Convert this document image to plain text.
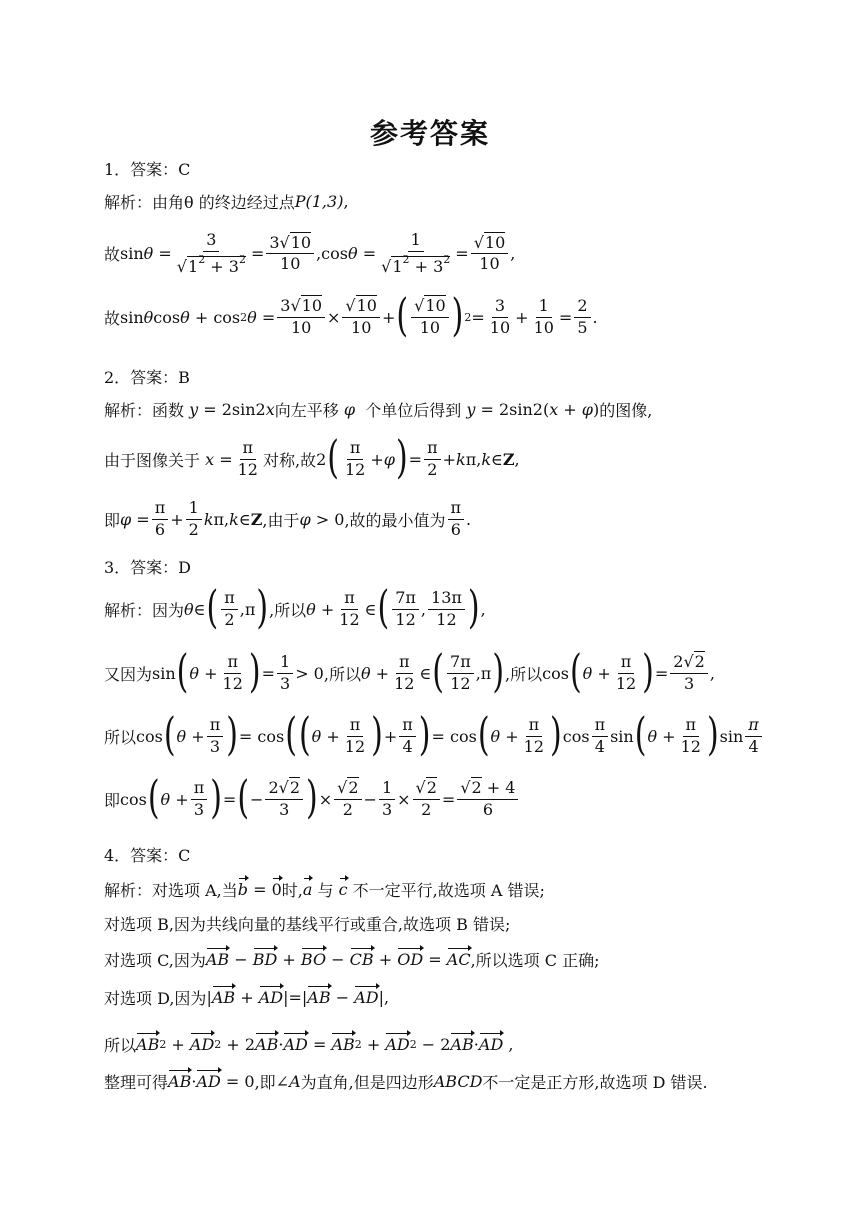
参考答案
1．答案：C
解析：由角θ 的终边经过点 P(1,3) ,
故 $\sin \theta = \frac{3}{√1^2 + 3^2} = \frac{3√10}{10} ,\cos$ $\theta = \frac{1}{√1^2 + 3^2} = \frac{√10}{10}$ ,
故 sin θ cos θ + cos 2 $\theta = \frac{3√10}{10} \times \frac{√10}{10}$ + ( $\frac{√10}{10}$ ) $2 = \frac{3}{10} + \frac{1}{10} = \frac{2}{5}$ .
2．答案：B
解析：函数 y = 2sin2 x 向左平移 φ 个单位后得到 y = 2sin2( x + φ ) 的图像,
由于图像关于 $x = \frac{\pi}{12}$ 对称,故 2 ( $\frac{\pi}{12} + \varphi$ ) = $\frac{\pi}{2} + k$ π, k ∈ Z ,
即 $\varphi = \frac{\pi}{6} + \frac{1}{2}$ k π, k ∈ Z ,由于 φ > 0 ,故的最小值为 $\frac{\pi}{6}$ .
3．答案：D
解析：因为 θ ∈ ( $\frac{\pi}{2} ,\pi$ ) ,所以 $\theta + \frac{\pi}{12}$ ∈ ( $\frac{7\pi}{12}$ , $\frac{13\pi}{12}$ ) ,
又因为 sin ( $\theta + \frac{\pi}{12}$ ) = $\frac{1}{3} > 0$ ,所以 $\theta + \frac{\pi}{12}$ ∈ ( $\frac{7\pi}{12} ,\pi$ ) ,所以 cos ( $\theta + \frac{\pi}{12}$ ) = $\frac{2√2}{3}$ ,
所以 cos ( $\theta + \frac{\pi}{3}$ ) = cos ( ( $\theta + \frac{\pi}{12}$ ) + $\frac{\pi}{4}$ ) = cos ( $\theta + \frac{\pi}{12}$ ) $\cos \frac{\pi}{4}$ sin ( $\theta + \frac{\pi}{12}$ ) $\sin \frac{\pi}{4}$
即 cos ( $\theta + \frac{\pi}{3}$ ) = ( − $\frac{2√2}{3}$ ) × $\frac{√2}{2} - \frac{1}{3} \times \frac{√2}{2} = \frac{√2 + 4}{6}$
4．答案：C
解析： 对选项 A,当 b = 0 时, a
与
c
不一定平行,故选项 A 错误;
对选项 B,因为共线向量的基线平行或重合,故选项 B 错误;
对选项 C,因为 AB − BD + BO − CB + OD = AC ,所以选项 C 正确;
对选项 D,因为 | AB + AD |=| AB − AD |,
所以 AB 2 + AD 2 + 2 AB · AD = AB 2 + AD 2 − 2 AB · AD ,
整理可得 AB · AD = 0 ,即 ∠ A 为直角,但是四边形 ABCD 不一定是正方形,故选项 D 错误.
